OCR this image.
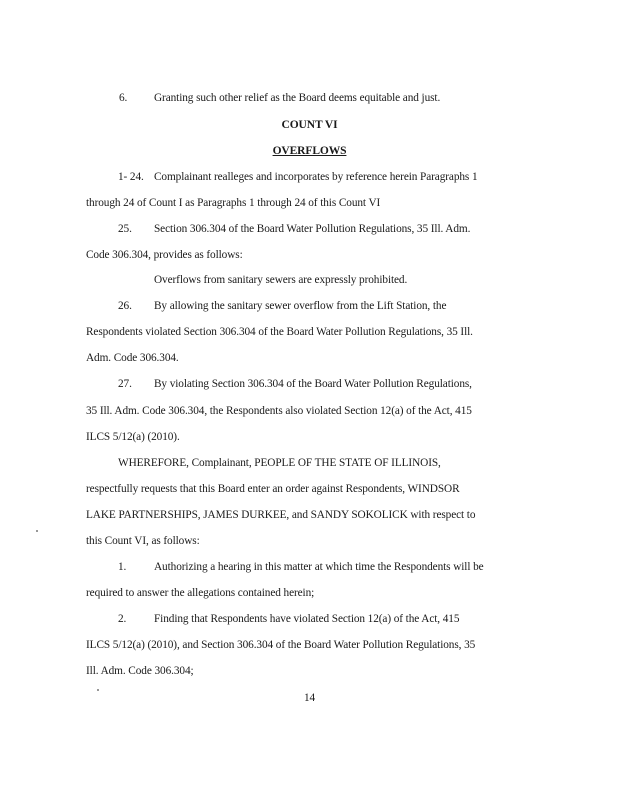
6. Granting such other relief as the Board deems equitable and just.
COUNT VI
OVERFLOWS
1- 24. Complainant realleges and incorporates by reference herein Paragraphs 1
through 24 of Count I as Paragraphs 1 through 24 of this Count VI
25. Section 306.304 of the Board Water Pollution Regulations, 35 Ill. Adm.
Code 306.304, provides as follows:
Overflows from sanitary sewers are expressly prohibited.
26. By allowing the sanitary sewer overflow from the Lift Station, the
Respondents violated Section 306.304 of the Board Water Pollution Regulations, 35 Ill.
Adm. Code 306.304.
27. By violating Section 306.304 of the Board Water Pollution Regulations,
35 Ill. Adm. Code 306.304, the Respondents also violated Section 12(a) of the Act, 415
ILCS 5/12(a) (2010).
WHEREFORE, Complainant, PEOPLE OF THE STATE OF ILLINOIS,
respectfully requests that this Board enter an order against Respondents, WINDSOR
LAKE PARTNERSHIPS, JAMES DURKEE, and SANDY SOKOLICK with respect to
this Count VI, as follows:
1. Authorizing a hearing in this matter at which time the Respondents will be
required to answer the allegations contained herein;
2. Finding that Respondents have violated Section 12(a) of the Act, 415
ILCS 5/12(a) (2010), and Section 306.304 of the Board Water Pollution Regulations, 35
Ill. Adm. Code 306.304;
14
